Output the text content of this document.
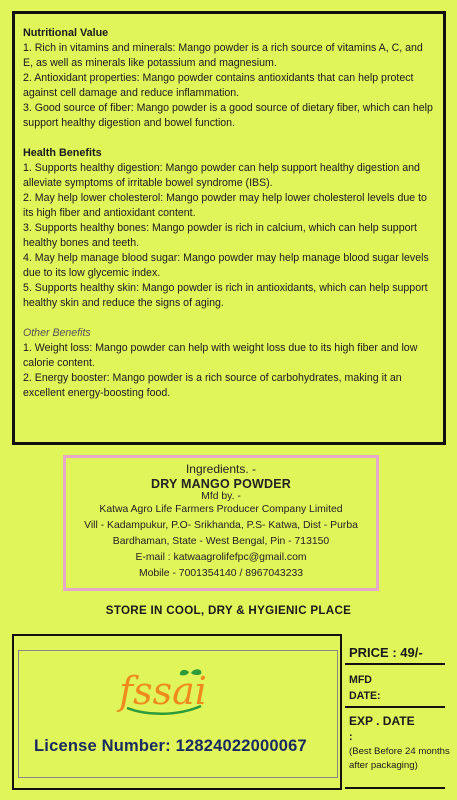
Nutritional Value

1. Rich in vitamins and minerals: Mango powder is a rich source of vitamins A, C, and E, as well as minerals like potassium and magnesium.

2. Antioxidant properties: Mango powder contains antioxidants that can help protect against cell damage and reduce inflammation.

3. Good source of fiber: Mango powder is a good source of dietary fiber, which can help support healthy digestion and bowel function.

Health Benefits

1. Supports healthy digestion: Mango powder can help support healthy digestion and alleviate symptoms of irritable bowel syndrome (IBS).

2. May help lower cholesterol: Mango powder may help lower cholesterol levels due to its high fiber and antioxidant content.

3. Supports healthy bones: Mango powder is rich in calcium, which can help support healthy bones and teeth.

4. May help manage blood sugar: Mango powder may help manage blood sugar levels due to its low glycemic index.

5. Supports healthy skin: Mango powder is rich in antioxidants, which can help support healthy skin and reduce the signs of aging.

Other Benefits

1. Weight loss: Mango powder can help with weight loss due to its high fiber and low calorie content.

2. Energy booster: Mango powder is a rich source of carbohydrates, making it an excellent energy-boosting food.

Ingredients. -
DRY MANGO POWDER
Mfd by. -
Katwa Agro Life Farmers Producer Company Limited
Vill - Kadampukur, P.O- Srikhanda, P.S- Katwa, Dist - Purba
Bardhaman, State - West Bengal, Pin - 713150
E-mail : katwaagrolifefpc@gmail.com
Mobile - 7001354140 / 8967043233
STORE IN COOL, DRY & HYGIENIC PLACE
fssai
License Number: 12824022000067
PRICE : 49/-
MFD
DATE:
EXP . DATE
:
(Best Before 24 months after packaging)
